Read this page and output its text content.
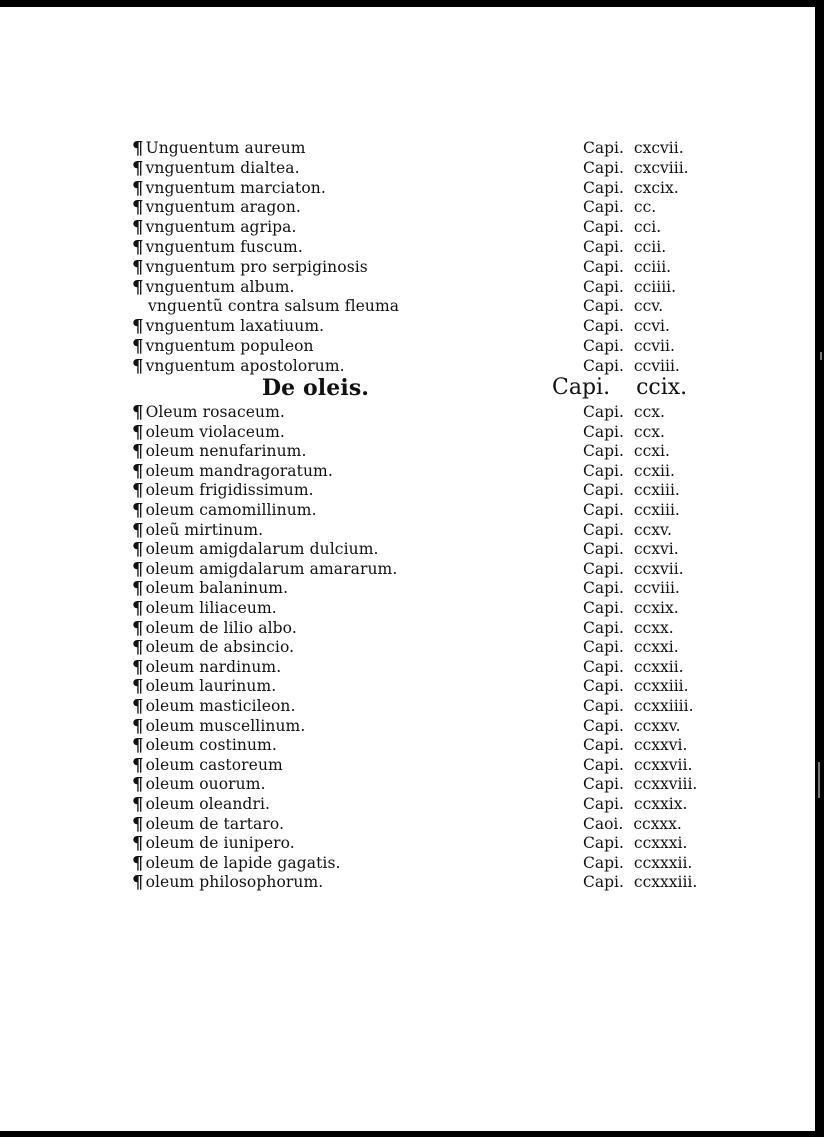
¶ Unguentum aureum	Capi. cxcvii.
¶ vnguentum dialtea.	Capi. cxcviii.
¶ vnguentum marciaton.	Capi. cxcix.
¶ vnguentum aragon.	Capi. cc.
¶ vnguentum agripa.	Capi. cci.
¶ vnguentum fuscum.	Capi. ccii.
¶ vnguentum pro serpiginosis	Capi. cciii.
¶ vnguentum album.	Capi. cciiii.
vnguentũ contra salsum fleuma	Capi. ccv.
¶ vnguentum laxatiuum.	Capi. ccvi.
¶ vnguentum populeon	Capi. ccvii.
¶ vnguentum apostolorum.	Capi. ccviii.
De oleis.	Capi. ccix.
¶ Oleum rosaceum.	Capi. ccx.
¶ oleum violaceum.	Capi. ccx.
¶ oleum nenufarinum.	Capi. ccxi.
¶ oleum mandragoratum.	Capi. ccxii.
¶ oleum frigidissimum.	Capi. ccxiii.
¶ oleum camomillinum.	Capi. ccxiii.
¶ oleũ mirtinum.	Capi. ccxv.
¶ oleum amigdalarum dulcium.	Capi. ccxvi.
¶ oleum amigdalarum amararum.	Capi. ccxvii.
¶ oleum balaninum.	Capi. ccviii.
¶ oleum liliaceum.	Capi. ccxix.
¶ oleum de lilio albo.	Capi. ccxx.
¶ oleum de absincio.	Capi. ccxxi.
¶ oleum nardinum.	Capi. ccxxii.
¶ oleum laurinum.	Capi. ccxxiii.
¶ oleum masticileon.	Capi. ccxxiiii.
¶ oleum muscellinum.	Capi. ccxxv.
¶ oleum costinum.	Capi. ccxxvi.
¶ oleum castoreum	Capi. ccxxvii.
¶ oleum ouorum.	Capi. ccxxviii.
¶ oleum oleandri.	Capi. ccxxix.
¶ oleum de tartaro.	Caoi. ccxxx.
¶ oleum de iunipero.	Capi. ccxxxi.
¶ oleum de lapide gagatis.	Capi. ccxxxii.
¶ oleum philosophorum.	Capi. ccxxxiii.
